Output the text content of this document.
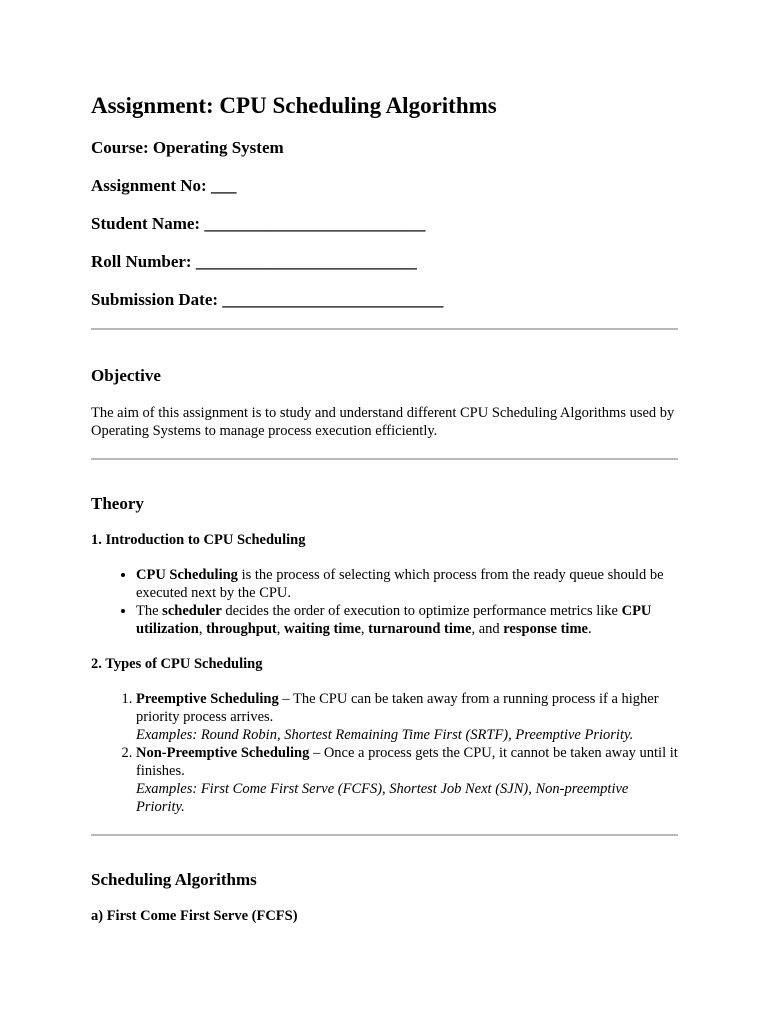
Assignment: CPU Scheduling Algorithms
Course: Operating System
Assignment No: ___
Student Name: __________________________
Roll Number: __________________________
Submission Date: __________________________
Objective

The aim of this assignment is to study and understand different CPU Scheduling Algorithms used by Operating Systems to manage process execution efficiently.

Theory
1. Introduction to CPU Scheduling
• CPU Scheduling is the process of selecting which process from the ready queue should be executed next by the CPU.
• The scheduler decides the order of execution to optimize performance metrics like CPU utilization, throughput, waiting time, turnaround time, and response time.
2. Types of CPU Scheduling
1. Preemptive Scheduling – The CPU can be taken away from a running process if a higher priority process arrives.
Examples: Round Robin, Shortest Remaining Time First (SRTF), Preemptive Priority.
2. Non-Preemptive Scheduling – Once a process gets the CPU, it cannot be taken away until it finishes.
Examples: First Come First Serve (FCFS), Shortest Job Next (SJN), Non-preemptive Priority.
Scheduling Algorithms
a) First Come First Serve (FCFS)
